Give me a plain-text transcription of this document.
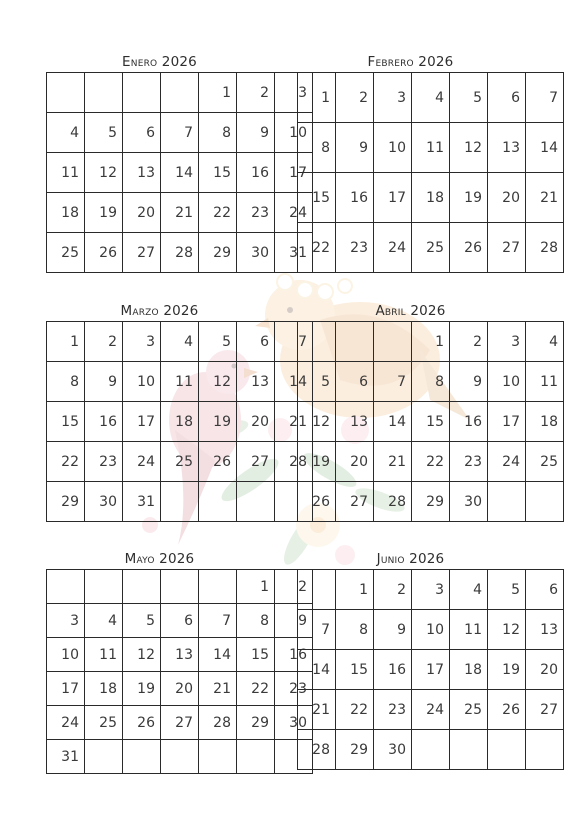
Enero 2026
				1	2	3
4	5	6	7	8	9	10
11	12	13	14	15	16	17
18	19	20	21	22	23	24
25	26	27	28	29	30	31
Febrero 2026
1	2	3	4	5	6	7
8	9	10	11	12	13	14
15	16	17	18	19	20	21
22	23	24	25	26	27	28
Marzo 2026
1	2	3	4	5	6	7
8	9	10	11	12	13	14
15	16	17	18	19	20	21
22	23	24	25	26	27	28
29	30	31				
Abril 2026
			1	2	3	4
5	6	7	8	9	10	11
12	13	14	15	16	17	18
19	20	21	22	23	24	25
26	27	28	29	30		
Mayo 2026
					1	2
3	4	5	6	7	8	9
10	11	12	13	14	15	16
17	18	19	20	21	22	23
24	25	26	27	28	29	30
31						
Junio 2026
	1	2	3	4	5	6
7	8	9	10	11	12	13
14	15	16	17	18	19	20
21	22	23	24	25	26	27
28	29	30				
